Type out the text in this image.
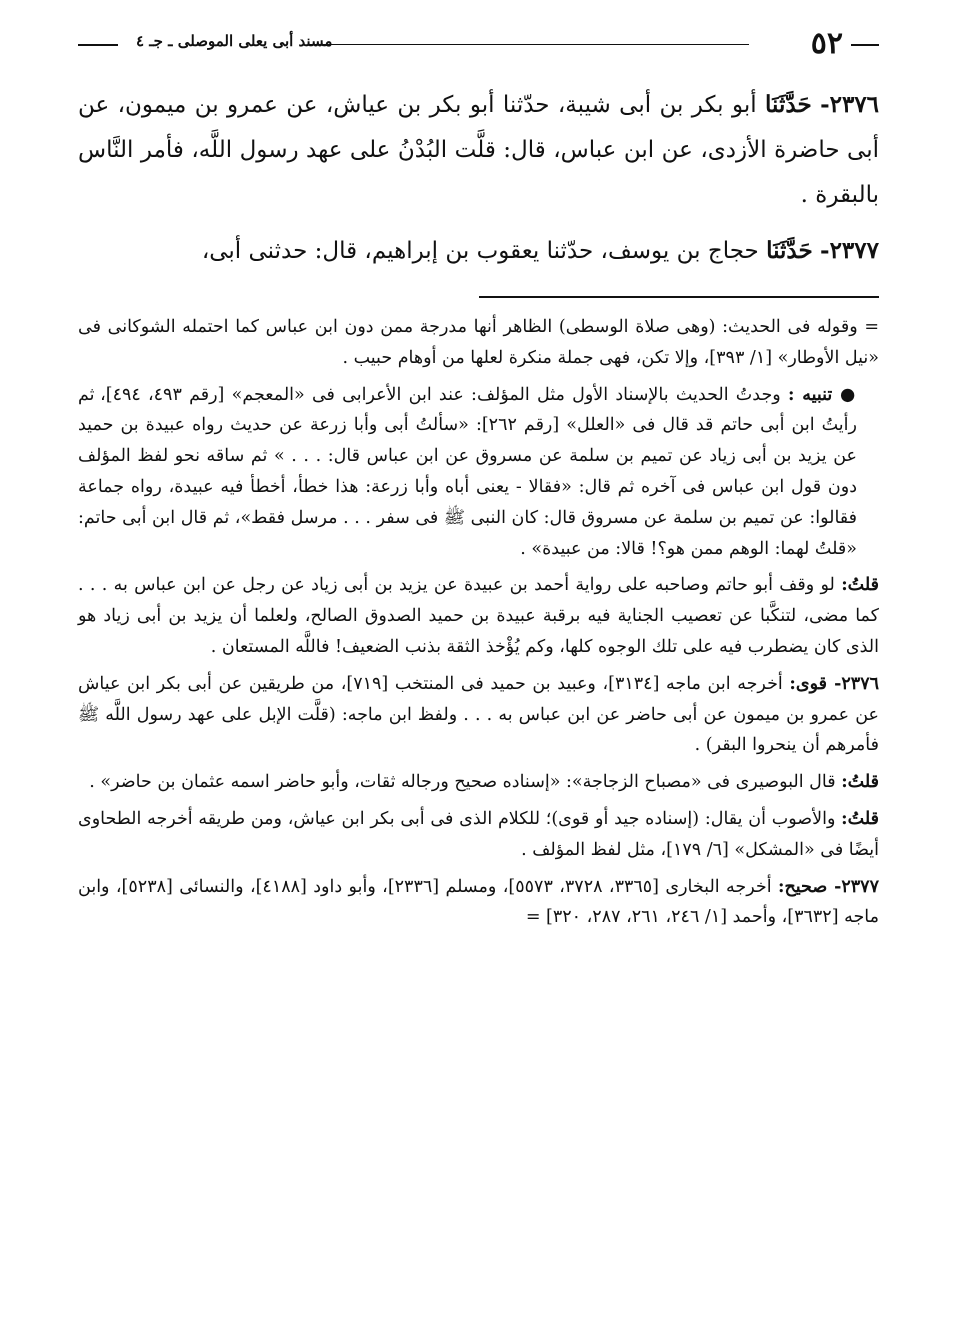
٥٢
مسند أبى يعلى الموصلى ـ جـ ٤

٢٣٧٦- حَدَّثَنَا أبو بكر بن أبى شيبة، حدّثنا أبو بكر بن عياش، عن عمرو بن ميمون، عن أبى حاضرة الأزدى، عن ابن عباس، قال: قلَّت البُدْنُ على عهد رسول اللَّه، فأمر النَّاس بالبقرة .

٢٣٧٧- حَدَّثَنَا حجاج بن يوسف، حدّثنا يعقوب بن إبراهيم، قال: حدثنى أبى،

= وقوله فى الحديث: (وهى صلاة الوسطى) الظاهر أنها مدرجة ممن دون ابن عباس كما احتمله الشوكانى فى «نيل الأوطار» [١/ ٣٩٣]، وإلا تكن، فهى جملة منكرة لعلها من أوهام حبيب .

● تنبيه : وجدتُ الحديث بالإسناد الأول مثل المؤلف: عند ابن الأعرابى فى «المعجم» [رقم ٤٩٣، ٤٩٤]، ثم رأيتُ ابن أبى حاتم قد قال فى «العلل» [رقم ٢٦٢]: «سألتُ أبى وأبا زرعة عن حديث رواه عبيدة بن حميد عن يزيد بن أبى زياد عن تميم بن سلمة عن مسروق عن ابن عباس قال: . . . » ثم ساقه نحو لفظ المؤلف دون قول ابن عباس فى آخره ثم قال: «فقالا - يعنى أباه وأبا زرعة: هذا خطأ، أخطأ فيه عبيدة، رواه جماعة فقالوا: عن تميم بن سلمة عن مسروق قال: كان النبى ﷺ فى سفر . . . مرسل فقط»، ثم قال ابن أبى حاتم: «قلتُ لهما: الوهم ممن هو؟! قالا: من عبيدة» .

قلتُ: لو وقف أبو حاتم وصاحبه على رواية أحمد بن عبيدة عن يزيد بن أبى زياد عن رجل عن ابن عباس به . . . كما مضى، لتنكَّبا عن تعصيب الجناية فيه برقبة عبيدة بن حميد الصدوق الصالح، ولعلما أن يزيد بن أبى زياد هو الذى كان يضطرب فيه على تلك الوجوه كلها، وكم يُؤْخذ الثقة بذنب الضعيف! فاللَّه المستعان .

٢٣٧٦- قوى: أخرجه ابن ماجه [٣١٣٤]، وعبيد بن حميد فى المنتخب [٧١٩]، من طريقين عن أبى بكر ابن عياش عن عمرو بن ميمون عن أبى حاضر عن ابن عباس به . . . ولفظ ابن ماجه: (قلَّت الإبل على عهد رسول اللَّه ﷺ فأمرهم أن ينحروا البقر) .

قلتُ: قال البوصيرى فى «مصباح الزجاجة»: «إسناده صحيح ورجاله ثقات، وأبو حاضر اسمه عثمان بن حاضر» .

قلتُ: والأصوب أن يقال: (إسناده جيد أو قوى)؛ للكلام الذى فى أبى بكر ابن عياش، ومن طريقه أخرجه الطحاوى أيضًا فى «المشكل» [٦/ ١٧٩]، مثل لفظ المؤلف .

٢٣٧٧- صحيح: أخرجه البخارى [٣٣٦٥، ٣٧٢٨، ٥٥٧٣]، ومسلم [٢٣٣٦]، وأبو داود [٤١٨٨]، والنسائى [٥٢٣٨]، وابن ماجه [٣٦٣٢]، وأحمد [١/ ٢٤٦، ٢٦١، ٢٨٧، ٣٢٠] =
